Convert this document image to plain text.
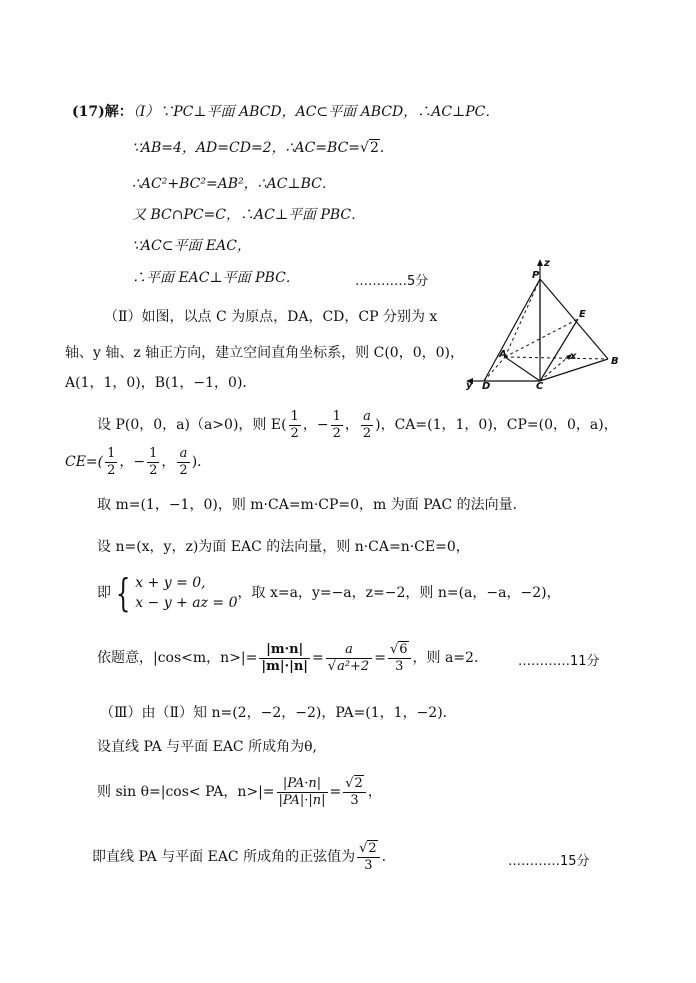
(17)解：（Ⅰ）∵PC⊥平面 ABCD，AC⊂平面 ABCD，∴AC⊥PC．
∵AB=4，AD=CD=2，∴AC=BC=√2．
∴AC²+BC²=AB²，∴AC⊥BC．
又 BC∩PC=C，∴AC⊥平面 PBC．
∵AC⊂平面 EAC，
∴平面 EAC⊥平面 PBC．	…………5分
（Ⅱ）如图，以点 C 为原点，DA，CD，CP 分别为 x
轴、y 轴、z 轴正方向，建立空间直角坐标系，则 C(0，0，0)，
A(1，1，0)，B(1，−1，0)．
设 P(0，0，a)（a>0)，则 $E( \frac{1}{2}$ ，− $\frac{1}{2}$ ， $\frac{a}{2}$ )，CA=(1，1，0)，CP=(0，0，a)，
$CE=( \frac{1}{2}$ ，− $\frac{1}{2}$ ， $\frac{a}{2}$ )．
取 m=(1，−1，0)，则 m·CA=m·CP=0，m 为面 PAC 的法向量．
设 n=(x，y，z)为面 EAC 的法向量，则 n·CA=n·CE=0，
即 { x + y = 0,
x − y + az = 0
，取 x=a，y=−a，z=−2，则 n=(a，−a，−2)，
依题意，|cos<m，$n>|= \frac{|m\cdot n|}{|m|\cdot|n|} = \frac{a}{\text{√a²+2}} = \frac{√6}{3}$ ，则 a=2． …………11分
（Ⅲ）由（Ⅱ）知 n=(2，−2，−2)，PA=(1，1，−2)．
设直线 PA 与平面 EAC 所成角为θ,
则 sin θ=|cos< PA，$n>|= \frac{|PA\cdot n|}{|PA|\cdot|n|} = \frac{√2}{3}$ ，
即直线 PA 与平面 EAC 所成角的正弦值为 $\frac{√2}{3}$ ．	…………15分
P
z
E
A	x	B
y D	C
